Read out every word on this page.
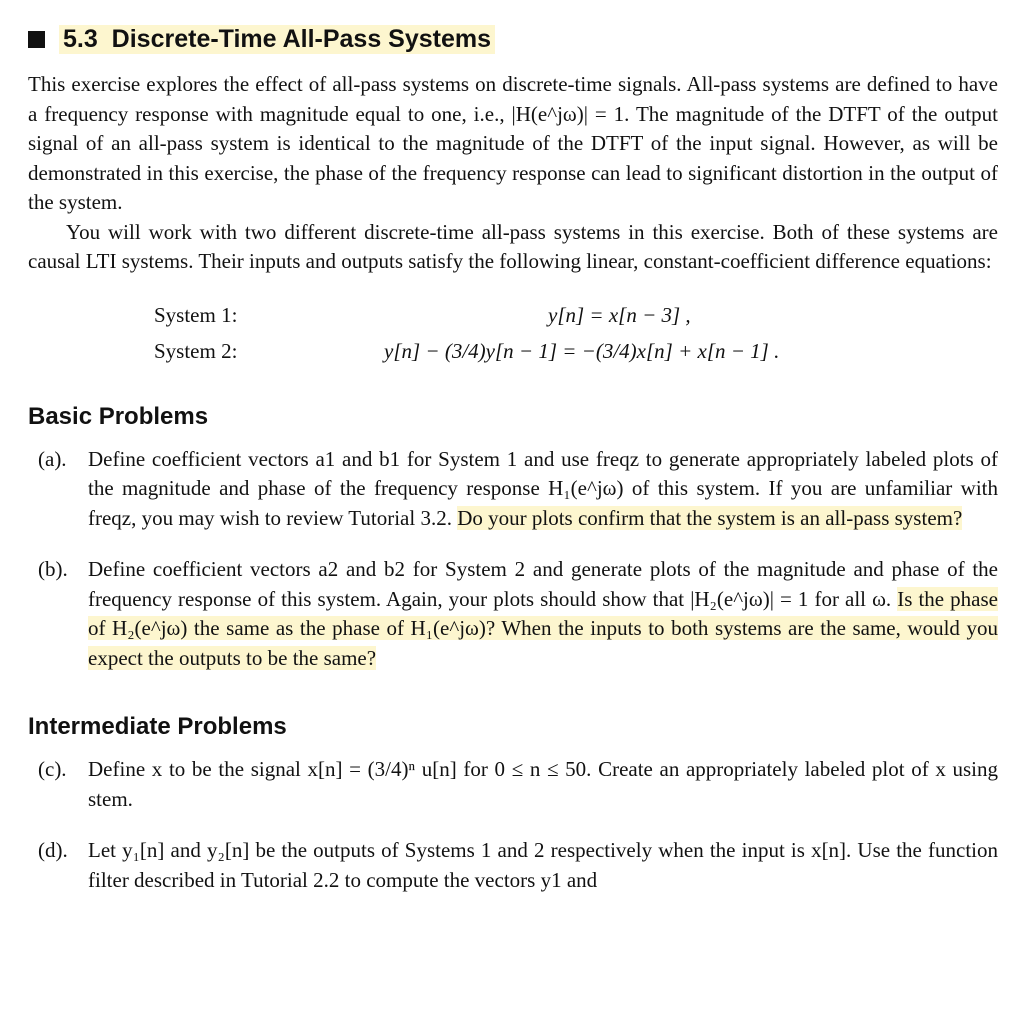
5.3 Discrete-Time All-Pass Systems

This exercise explores the effect of all-pass systems on discrete-time signals. All-pass systems are defined to have a frequency response with magnitude equal to one, i.e., |H(e^jω)| = 1. The magnitude of the DTFT of the output signal of an all-pass system is identical to the magnitude of the DTFT of the input signal. However, as will be demonstrated in this exercise, the phase of the frequency response can lead to significant distortion in the output of the system.

You will work with two different discrete-time all-pass systems in this exercise. Both of these systems are causal LTI systems. Their inputs and outputs satisfy the following linear, constant-coefficient difference equations:

System 1:	y[n] = x[n − 3] ,
System 2:	y[n] − (3/4)y[n − 1] = −(3/4)x[n] + x[n − 1] .
Basic Problems
(a). Define coefficient vectors a1 and b1 for System 1 and use freqz to generate appropriately labeled plots of the magnitude and phase of the frequency response H₁(e^jω) of this system. If you are unfamiliar with freqz, you may wish to review Tutorial 3.2. Do your plots confirm that the system is an all-pass system?

(b). Define coefficient vectors a2 and b2 for System 2 and generate plots of the magnitude and phase of the frequency response of this system. Again, your plots should show that |H₂(e^jω)| = 1 for all ω. Is the phase of H₂(e^jω) the same as the phase of H₁(e^jω)? When the inputs to both systems are the same, would you expect the outputs to be the same?

Intermediate Problems
(c). Define x to be the signal x[n] = (3/4)ⁿ u[n] for 0 ≤ n ≤ 50. Create an appropriately labeled plot of x using stem.

(d). Let y₁[n] and y₂[n] be the outputs of Systems 1 and 2 respectively when the input is x[n]. Use the function filter described in Tutorial 2.2 to compute the vectors y1 and
